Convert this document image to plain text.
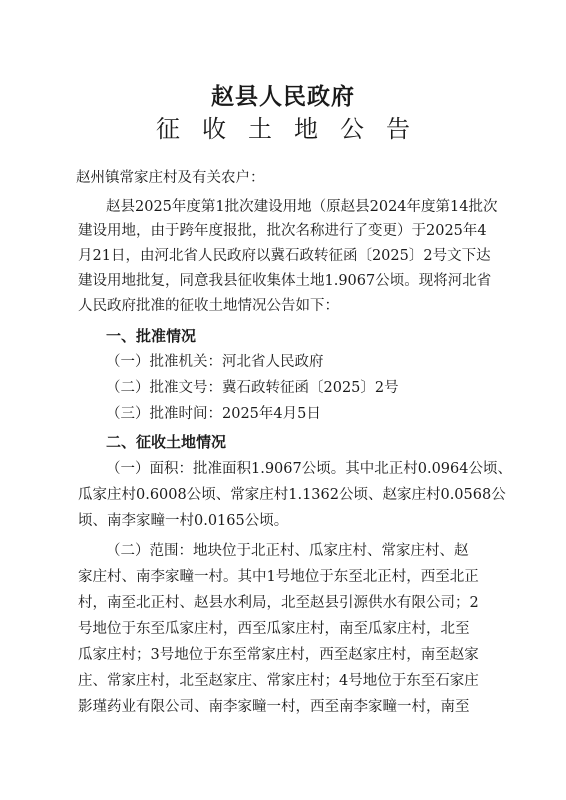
赵县人民政府
征收土地公告
赵州镇常家庄村及有关农户：
赵县2025年度第1批次建设用地（原赵县2024年度第14批次
建设用地，由于跨年度报批，批次名称进行了变更）于2025年4
月21日，由河北省人民政府以冀石政转征函〔2025〕2号文下达
建设用地批复，同意我县征收集体土地1.9067公顷。现将河北省
人民政府批准的征收土地情况公告如下：
一、批准情况
（一）批准机关：河北省人民政府
（二）批准文号：冀石政转征函〔2025〕2号
（三）批准时间：2025年4月5日
二、征收土地情况
（一）面积：批准面积1.9067公顷。其中北正村0.0964公顷、
瓜家庄村0.6008公顷、常家庄村1.1362公顷、赵家庄村0.0568公
顷、南李家疃一村0.0165公顷。
（二）范围：地块位于北正村、瓜家庄村、常家庄村、赵
家庄村、南李家疃一村。其中1号地位于东至北正村，西至北正
村，南至北正村、赵县水利局，北至赵县引源供水有限公司；2
号地位于东至瓜家庄村，西至瓜家庄村，南至瓜家庄村，北至
瓜家庄村；3号地位于东至常家庄村，西至赵家庄村，南至赵家
庄、常家庄村，北至赵家庄、常家庄村；4号地位于东至石家庄
影瑾药业有限公司、南李家疃一村，西至南李家疃一村，南至
